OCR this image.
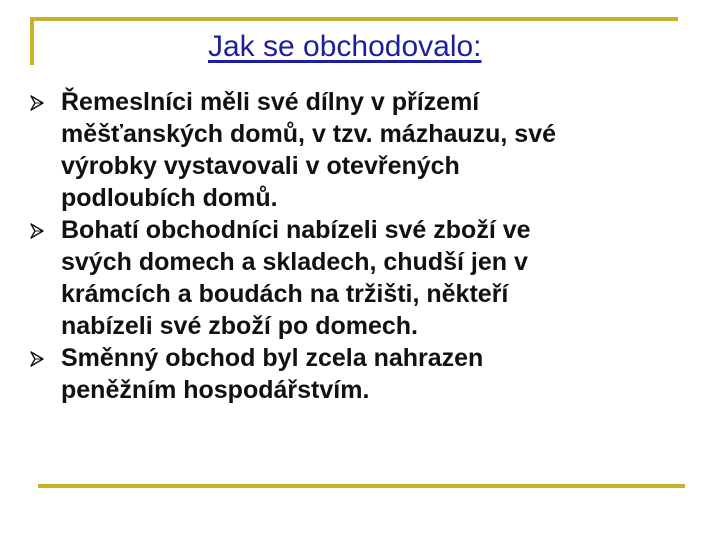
Jak se obchodovalo:
Řemeslníci měli své dílny v přízemí
měšťanských domů, v tzv. mázhauzu, své
výrobky vystavovali v otevřených
podloubích domů.
Bohatí obchodníci nabízeli své zboží ve
svých domech a skladech, chudší jen v
krámcích a boudách na tržišti, někteří
nabízeli své zboží po domech.
Směnný obchod byl zcela nahrazen
peněžním hospodářstvím.
